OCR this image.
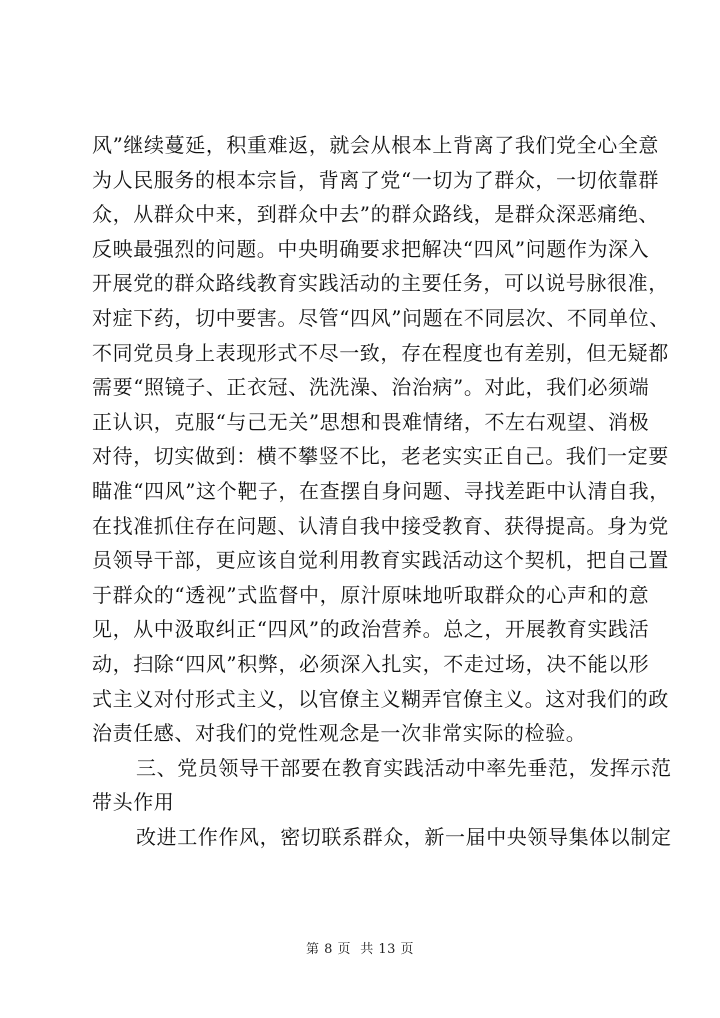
风”继续蔓延，积重难返，就会从根本上背离了我们党全心全意
为人民服务的根本宗旨，背离了党“一切为了群众，一切依靠群
众，从群众中来，到群众中去”的群众路线，是群众深恶痛绝、
反映最强烈的问题。中央明确要求把解决“四风”问题作为深入
开展党的群众路线教育实践活动的主要任务，可以说号脉很准，
对症下药，切中要害。尽管“四风”问题在不同层次、不同单位、
不同党员身上表现形式不尽一致，存在程度也有差别，但无疑都
需要“照镜子、正衣冠、洗洗澡、治治病”。对此，我们必须端
正认识，克服“与己无关”思想和畏难情绪，不左右观望、消极
对待，切实做到：横不攀竖不比，老老实实正自己。我们一定要
瞄准“四风”这个靶子，在查摆自身问题、寻找差距中认清自我，
在找准抓住存在问题、认清自我中接受教育、获得提高。身为党
员领导干部，更应该自觉利用教育实践活动这个契机，把自己置
于群众的“透视”式监督中，原汁原味地听取群众的心声和的意
见，从中汲取纠正“四风”的政治营养。总之，开展教育实践活
动，扫除“四风”积弊，必须深入扎实，不走过场，决不能以形
式主义对付形式主义，以官僚主义糊弄官僚主义。这对我们的政
治责任感、对我们的党性观念是一次非常实际的检验。
三、党员领导干部要在教育实践活动中率先垂范，发挥示范
带头作用
改进工作作风，密切联系群众，新一届中央领导集体以制定
第 8 页  共 13 页
